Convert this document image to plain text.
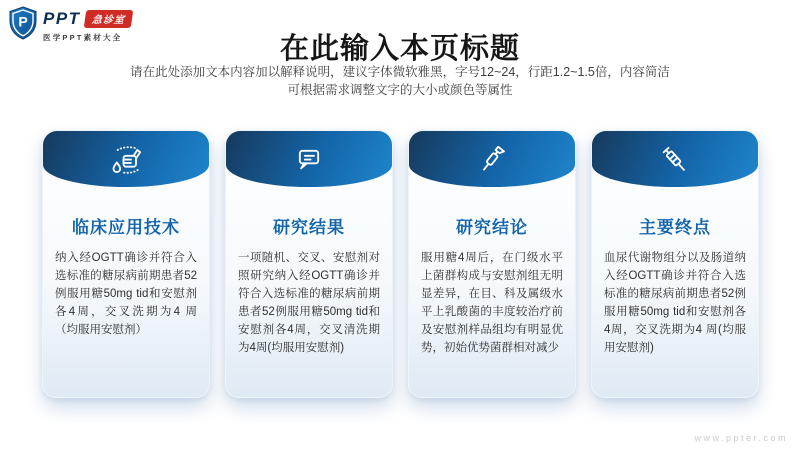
P PPT	急诊室
医学PPT素材大全	在此输入本页标题
请在此处添加文本内容加以解释说明，建议字体微软雅黑，字号12~24，行距1.2~1.5倍，内容简洁
可根据需求调整文字的大小或颜色等属性
临床应用技术
纳入经OGTT确诊并符合入选标准的糖尿病前期患者52例服用糖50mg tid和安慰剂各4周，交叉洗期为4 周（均服用安慰剂）
研究结果
一项随机、交叉、安慰剂对照研究纳入经OGTT确诊并符合入选标准的糖尿病前期患者52例服用糖50mg tid和安慰剂各4周，交叉清洗期为4周(均服用安慰剂)
研究结论
服用糖4周后，在门级水平上菌群构成与安慰剂组无明显差异，在目、科及属级水平上乳酸菌的丰度较治疗前及安慰剂样品组均有明显优势，初始优势菌群相对减少
主要终点
血尿代谢物组分以及肠道纳入经OGTT确诊并符合入选标准的糖尿病前期患者52例服用糖50mg tid和安慰剂各4周，交叉洗期为4 周(均服用安慰剂)
www.ppter.com
